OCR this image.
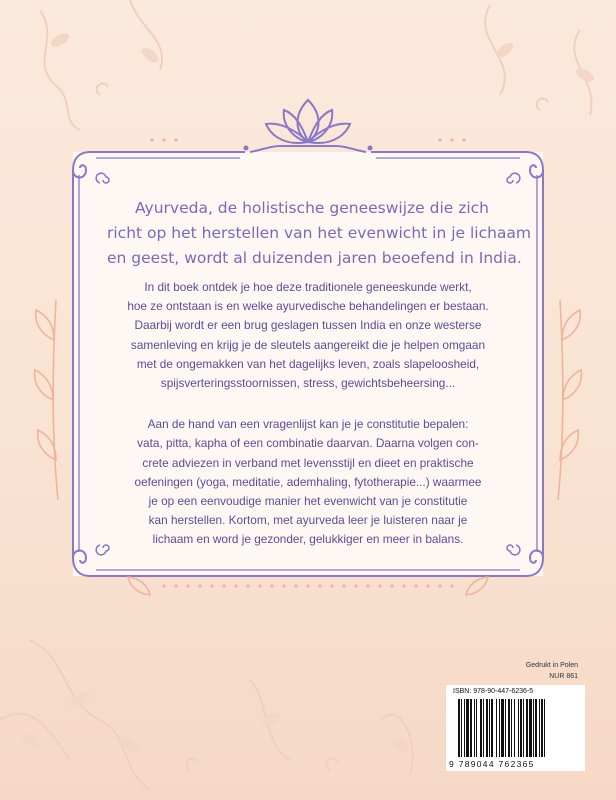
Ayurveda, de holistische geneeswijze die zich
richt op het herstellen van het evenwicht in je lichaam
en geest, wordt al duizenden jaren beoefend in India.
In dit boek ontdek je hoe deze traditionele geneeskunde werkt,
hoe ze ontstaan is en welke ayurvedische behandelingen er bestaan.
Daarbij wordt er een brug geslagen tussen India en onze westerse
samenleving en krijg je de sleutels aangereikt die je helpen omgaan
met de ongemakken van het dagelijks leven, zoals slapeloosheid,
spijsverteringsstoornissen, stress, gewichtsbeheersing...
Aan de hand van een vragenlijst kan je je constitutie bepalen:
vata, pitta, kapha of een combinatie daarvan. Daarna volgen con-
crete adviezen in verband met levensstijl en dieet en praktische
oefeningen (yoga, meditatie, ademhaling, fytotherapie...) waarmee
je op een eenvoudige manier het evenwicht van je constitutie
kan herstellen. Kortom, met ayurveda leer je luisteren naar je
lichaam en word je gezonder, gelukkiger en meer in balans.
Gedrukt in Polen
NUR 861
ISBN: 978-90-447-6236-5
9 789044 762365
